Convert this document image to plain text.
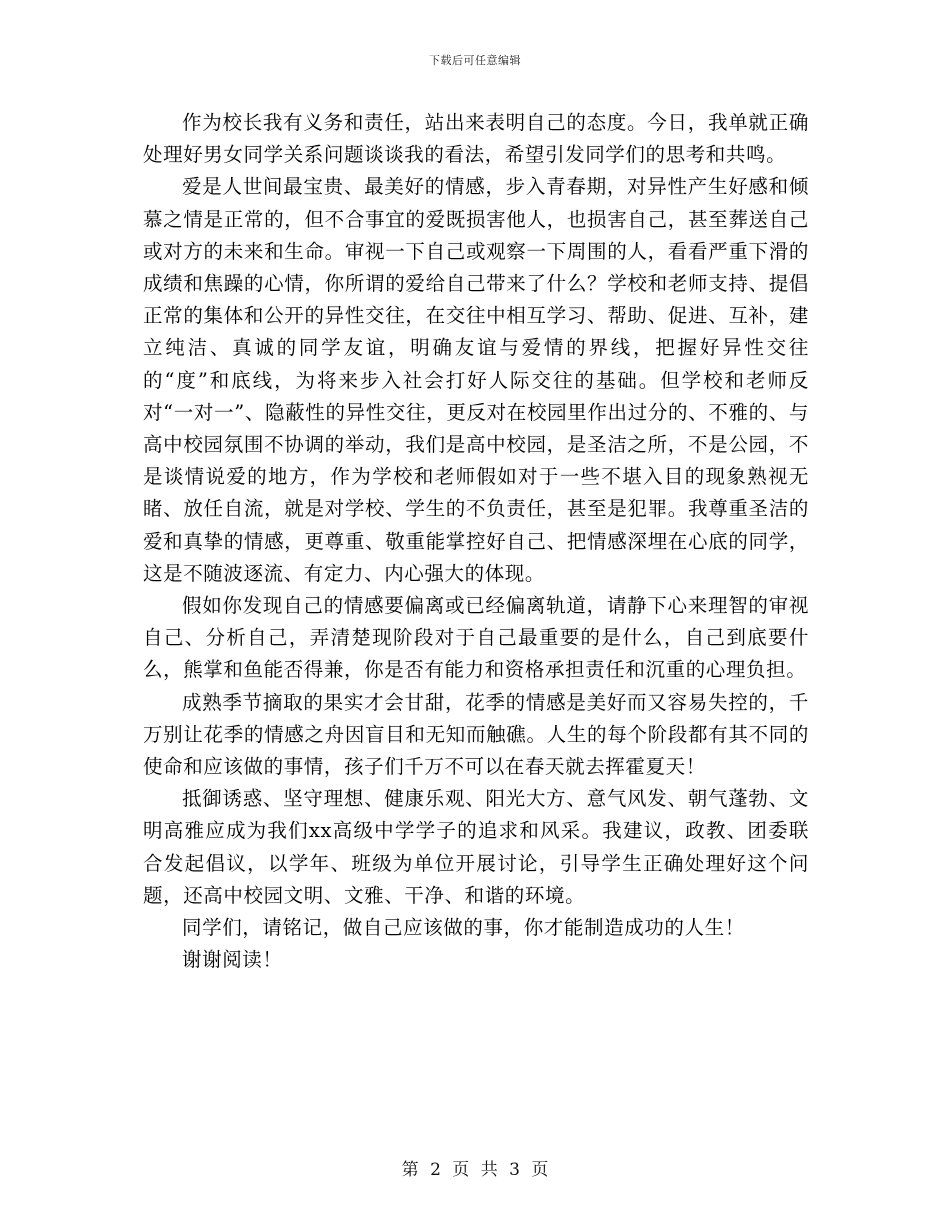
下载后可任意编辑

作为校长我有义务和责任，站出来表明自己的态度。今日，我单就正确处理好男女同学关系问题谈谈我的看法，希望引发同学们的思考和共鸣。

爱是人世间最宝贵、最美好的情感，步入青春期，对异性产生好感和倾慕之情是正常的，但不合事宜的爱既损害他人，也损害自己，甚至葬送自己或对方的未来和生命。审视一下自己或观察一下周围的人，看看严重下滑的成绩和焦躁的心情，你所谓的爱给自己带来了什么？学校和老师支持、提倡正常的集体和公开的异性交往，在交往中相互学习、帮助、促进、互补，建立纯洁、真诚的同学友谊，明确友谊与爱情的界线，把握好异性交往的“度”和底线，为将来步入社会打好人际交往的基础。但学校和老师反对“一对一”、隐蔽性的异性交往，更反对在校园里作出过分的、不雅的、与高中校园氛围不协调的举动，我们是高中校园，是圣洁之所，不是公园，不是谈情说爱的地方，作为学校和老师假如对于一些不堪入目的现象熟视无睹、放任自流，就是对学校、学生的不负责任，甚至是犯罪。我尊重圣洁的爱和真挚的情感，更尊重、敬重能掌控好自己、把情感深埋在心底的同学，这是不随波逐流、有定力、内心强大的体现。

假如你发现自己的情感要偏离或已经偏离轨道，请静下心来理智的审视自己、分析自己，弄清楚现阶段对于自己最重要的是什么，自己到底要什么，熊掌和鱼能否得兼，你是否有能力和资格承担责任和沉重的心理负担。

成熟季节摘取的果实才会甘甜，花季的情感是美好而又容易失控的，千万别让花季的情感之舟因盲目和无知而触礁。人生的每个阶段都有其不同的使命和应该做的事情，孩子们千万不可以在春天就去挥霍夏天！

抵御诱惑、坚守理想、健康乐观、阳光大方、意气风发、朝气蓬勃、文明高雅应成为我们xx高级中学学子的追求和风采。我建议，政教、团委联合发起倡议，以学年、班级为单位开展讨论，引导学生正确处理好这个问题，还高中校园文明、文雅、干净、和谐的环境。

同学们，请铭记，做自己应该做的事，你才能制造成功的人生！

谢谢阅读！

第 2 页 共 3 页
